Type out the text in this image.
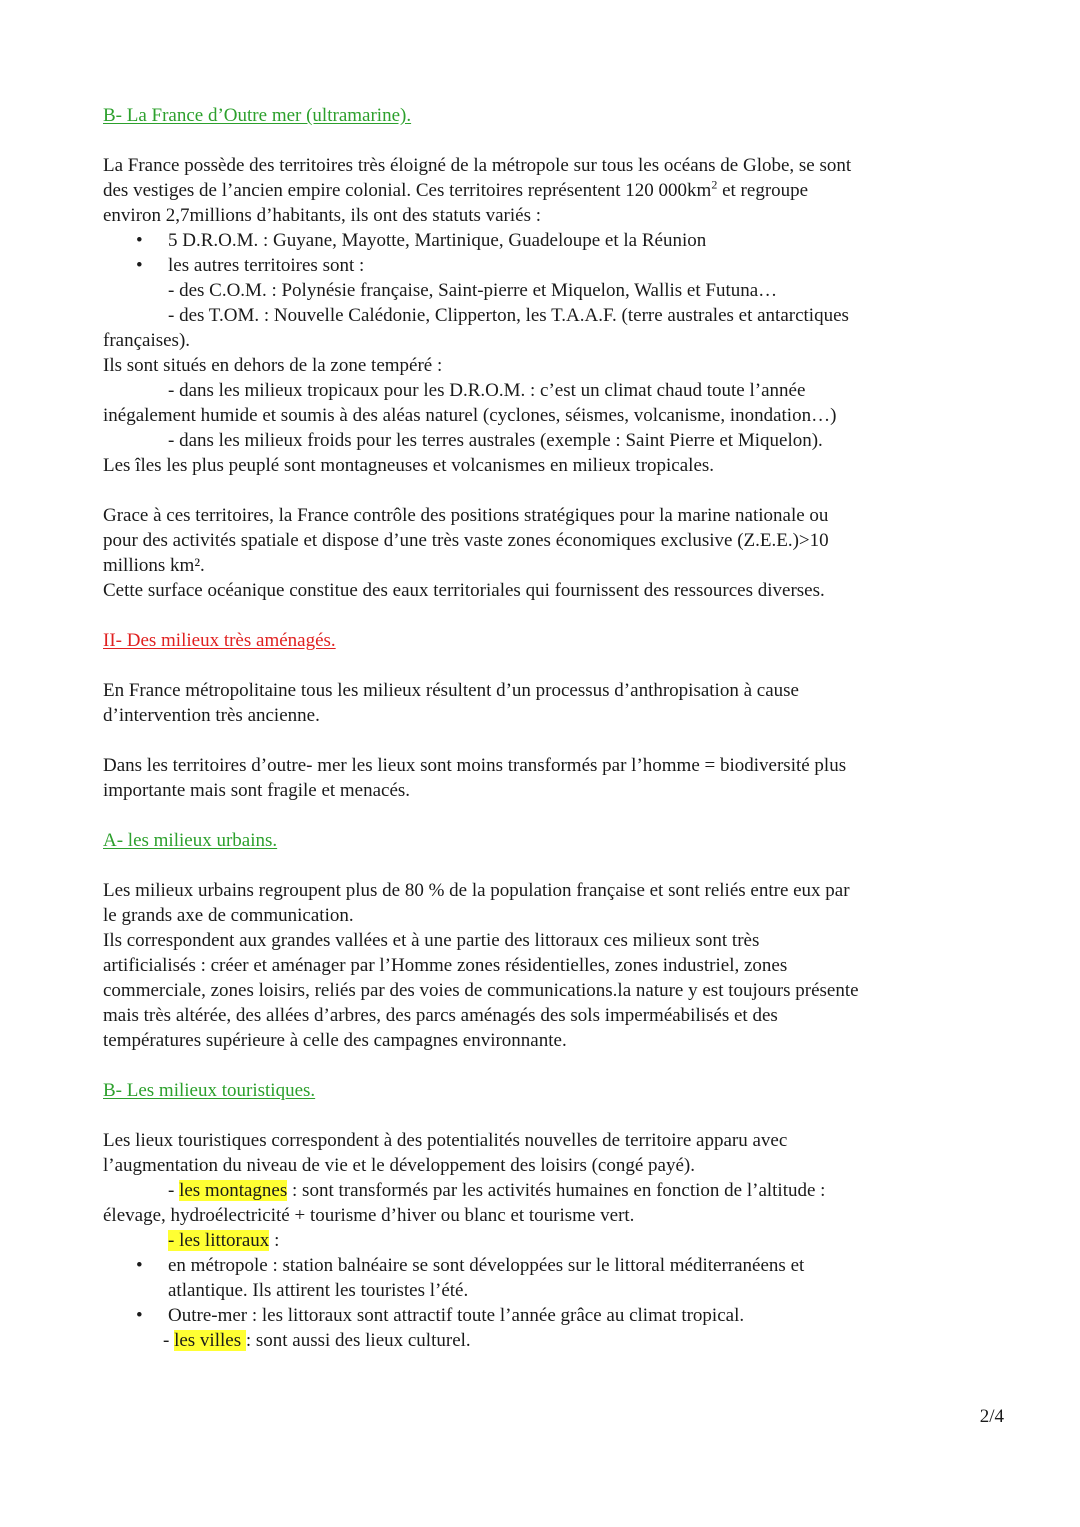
B- La France d’Outre mer (ultramarine).

La France possède des territoires très éloigné de la métropole sur tous les océans de Globe, se sont

des vestiges de l’ancien empire colonial. Ces territoires représentent 120 $000km^2$ et regroupe

environ 2,7millions d’habitants, ils ont des statuts variés :

• 5 D.R.O.M. : Guyane, Mayotte, Martinique, Guadeloupe et la Réunion

• les autres territoires sont :

- des C.O.M. : Polynésie française, Saint-pierre et Miquelon, Wallis et Futuna…

- des T.OM. : Nouvelle Calédonie, Clipperton, les T.A.A.F. (terre australes et antarctiques

françaises).

Ils sont situés en dehors de la zone tempéré :

- dans les milieux tropicaux pour les D.R.O.M. : c’est un climat chaud toute l’année

inégalement humide et soumis à des aléas naturel (cyclones, séismes, volcanisme, inondation…)

- dans les milieux froids pour les terres australes (exemple : Saint Pierre et Miquelon).

Les îles les plus peuplé sont montagneuses et volcanismes en milieux tropicales.

Grace à ces territoires, la France contrôle des positions stratégiques pour la marine nationale ou

pour des activités spatiale et dispose d’une très vaste zones économiques exclusive (Z.E.E.)>10

millions km².

Cette surface océanique constitue des eaux territoriales qui fournissent des ressources diverses.

II- Des milieux très aménagés.

En France métropolitaine tous les milieux résultent d’un processus d’anthropisation à cause

d’intervention très ancienne.

Dans les territoires d’outre- mer les lieux sont moins transformés par l’homme = biodiversité plus

importante mais sont fragile et menacés.

A- les milieux urbains.

Les milieux urbains regroupent plus de 80 % de la population française et sont reliés entre eux par

le grands axe de communication.

Ils correspondent aux grandes vallées et à une partie des littoraux ces milieux sont très

artificialisés : créer et aménager par l’Homme zones résidentielles, zones industriel, zones

commerciale, zones loisirs, reliés par des voies de communications.la nature y est toujours présente

mais très altérée, des allées d’arbres, des parcs aménagés des sols imperméabilisés et des

températures supérieure à celle des campagnes environnante.

B- Les milieux touristiques.

Les lieux touristiques correspondent à des potentialités nouvelles de territoire apparu avec

l’augmentation du niveau de vie et le développement des loisirs (congé payé).

- les montagnes : sont transformés par les activités humaines en fonction de l’altitude :

élevage, hydroélectricité + tourisme d’hiver ou blanc et tourisme vert.

- les littoraux :

• en métropole : station balnéaire se sont développées sur le littoral méditerranéens et

atlantique. Ils attirent les touristes l’été.

• Outre-mer : les littoraux sont attractif toute l’année grâce au climat tropical.

- les villes : sont aussi des lieux culturel.

2/4
